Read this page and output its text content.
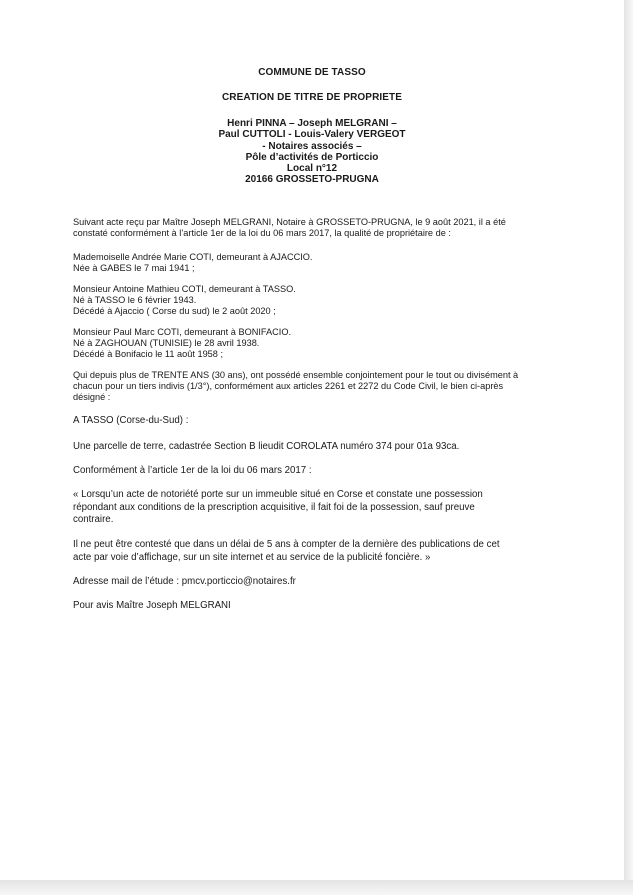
COMMUNE DE TASSO
CREATION DE TITRE DE PROPRIETE
Henri PINNA – Joseph MELGRANI –
Paul CUTTOLI - Louis-Valery VERGEOT
- Notaires associés –
Pôle d’activités de Porticcio
Local n°12
20166 GROSSETO-PRUGNA
Suivant acte reçu par Maître Joseph MELGRANI, Notaire à GROSSETO-PRUGNA, le 9 août 2021, il a été
constaté conformément à l’article 1er de la loi du 06 mars 2017, la qualité de propriétaire de :
Mademoiselle Andrée Marie COTI, demeurant à AJACCIO.
Née à GABES le 7 mai 1941 ;
Monsieur Antoine Mathieu COTI, demeurant à TASSO.
Né à TASSO le 6 février 1943.
Décédé à Ajaccio ( Corse du sud) le 2 août 2020 ;
Monsieur Paul Marc COTI, demeurant à BONIFACIO.
Né à ZAGHOUAN (TUNISIE) le 28 avril 1938.
Décédé à Bonifacio le 11 août 1958 ;
Qui depuis plus de TRENTE ANS (30 ans), ont possédé ensemble conjointement pour le tout ou divisément à
chacun pour un tiers indivis (1/3°), conformément aux articles 2261 et 2272 du Code Civil, le bien ci-après
désigné :
A TASSO (Corse-du-Sud) :
Une parcelle de terre, cadastrée Section B lieudit COROLATA numéro 374 pour 01a 93ca.
Conformément à l’article 1er de la loi du 06 mars 2017 :
« Lorsqu’un acte de notoriété porte sur un immeuble situé en Corse et constate une possession
répondant aux conditions de la prescription acquisitive, il fait foi de la possession, sauf preuve
contraire.
Il ne peut être contesté que dans un délai de 5 ans à compter de la dernière des publications de cet
acte par voie d’affichage, sur un site internet et au service de la publicité foncière. »
Adresse mail de l’étude : pmcv.porticcio@notaires.fr
Pour avis Maître Joseph MELGRANI
